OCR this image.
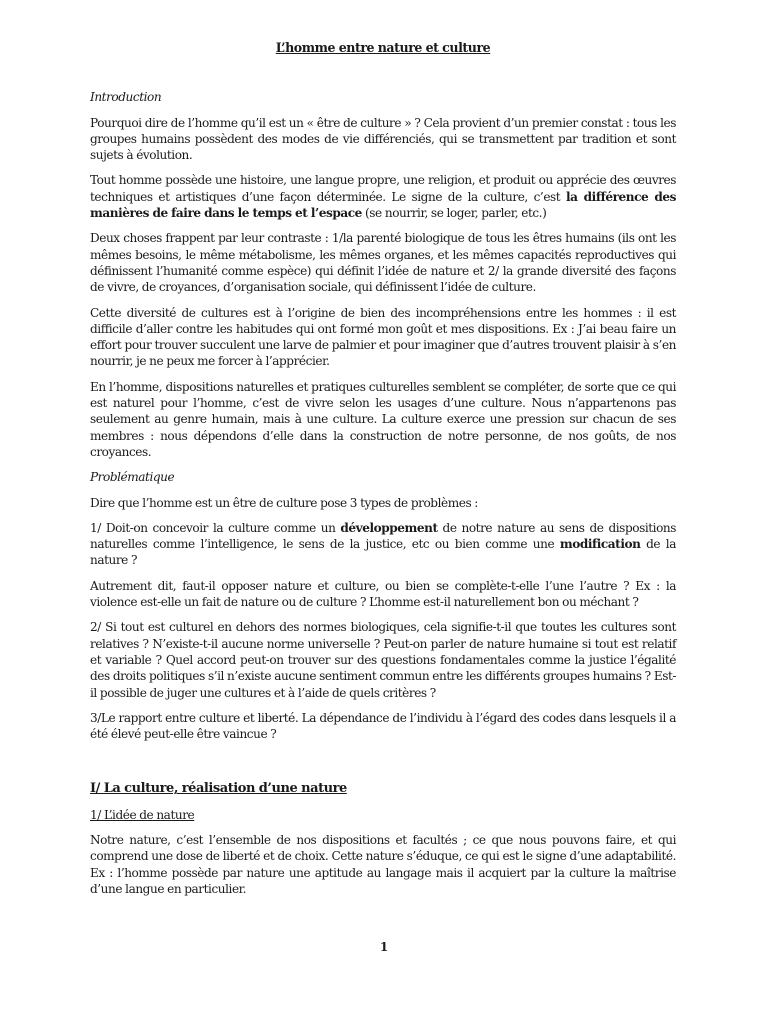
L’homme entre nature et culture
Introduction

Pourquoi dire de l’homme qu’il est un « être de culture » ? Cela provient d’un premier constat : tous les groupes humains possèdent des modes de vie différenciés, qui se transmettent par tradition et sont sujets à évolution.

Tout homme possède une histoire, une langue propre, une religion, et produit ou apprécie des œuvres techniques et artistiques d’une façon déterminée. Le signe de la culture, c’est la différence des manières de faire dans le temps et l’espace (se nourrir, se loger, parler, etc.)

Deux choses frappent par leur contraste : 1/la parenté biologique de tous les êtres humains (ils ont les mêmes besoins, le même métabolisme, les mêmes organes, et les mêmes capacités reproductives qui définissent l’humanité comme espèce) qui définit l’idée de nature et 2/ la grande diversité des façons de vivre, de croyances, d’organisation sociale, qui définissent l’idée de culture.

Cette diversité de cultures est à l’origine de bien des incompréhensions entre les hommes : il est difficile d’aller contre les habitudes qui ont formé mon goût et mes dispositions. Ex : J’ai beau faire un effort pour trouver succulent une larve de palmier et pour imaginer que d’autres trouvent plaisir à s’en nourrir, je ne peux me forcer à l’apprécier.

En l’homme, dispositions naturelles et pratiques culturelles semblent se compléter, de sorte que ce qui est naturel pour l’homme, c’est de vivre selon les usages d’une culture. Nous n’appartenons pas seulement au genre humain, mais à une culture. La culture exerce une pression sur chacun de ses membres : nous dépendons d’elle dans la construction de notre personne, de nos goûts, de nos croyances.

Problématique

Dire que l’homme est un être de culture pose 3 types de problèmes :

1/ Doit-on concevoir la culture comme un développement de notre nature au sens de dispositions naturelles comme l’intelligence, le sens de la justice, etc ou bien comme une modification de la nature ?

Autrement dit, faut-il opposer nature et culture, ou bien se complète-t-elle l’une l’autre ? Ex : la violence est-elle un fait de nature ou de culture ? L’homme est-il naturellement bon ou méchant ?

2/ Si tout est culturel en dehors des normes biologiques, cela signifie-t-il que toutes les cultures sont relatives ? N’existe-t-il aucune norme universelle ? Peut-on parler de nature humaine si tout est relatif et variable ? Quel accord peut-on trouver sur des questions fondamentales comme la justice l’égalité des droits politiques s’il n’existe aucune sentiment commun entre les différents groupes humains ? Est-il possible de juger une cultures et à l’aide de quels critères ?

3/Le rapport entre culture et liberté. La dépendance de l’individu à l’égard des codes dans lesquels il a été élevé peut-elle être vaincue ?

I/ La culture, réalisation d’une nature
1/ L’idée de nature

Notre nature, c’est l’ensemble de nos dispositions et facultés ; ce que nous pouvons faire, et qui comprend une dose de liberté et de choix. Cette nature s’éduque, ce qui est le signe d’une adaptabilité. Ex : l’homme possède par nature une aptitude au langage mais il acquiert par la culture la maîtrise d’une langue en particulier.

1
